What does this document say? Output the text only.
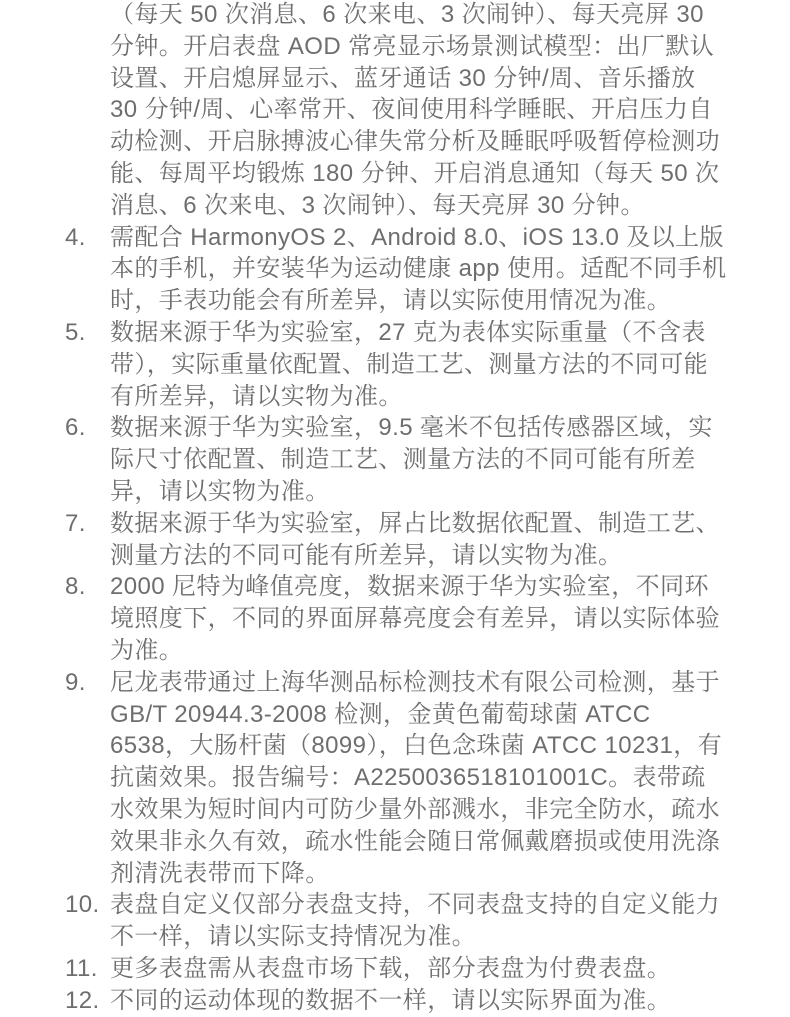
（每天 50 次消息、6 次来电、3 次闹钟）、每天亮屏 30
分钟。开启表盘 AOD 常亮显示场景测试模型：出厂默认
设置、开启熄屏显示、蓝牙通话 30 分钟/周、音乐播放
30 分钟/周、心率常开、夜间使用科学睡眠、开启压力自
动检测、开启脉搏波心律失常分析及睡眠呼吸暂停检测功
能、每周平均锻炼 180 分钟、开启消息通知（每天 50 次
消息、6 次来电、3 次闹钟）、每天亮屏 30 分钟。
4.	需配合 HarmonyOS 2、Android 8.0、iOS 13.0 及以上版
本的手机，并安装华为运动健康 app 使用。适配不同手机
时，手表功能会有所差异，请以实际使用情况为准。
5.	数据来源于华为实验室，27 克为表体实际重量（不含表
带），实际重量依配置、制造工艺、测量方法的不同可能
有所差异，请以实物为准。
6.	数据来源于华为实验室，9.5 毫米不包括传感器区域，实
际尺寸依配置、制造工艺、测量方法的不同可能有所差
异，请以实物为准。
7.	数据来源于华为实验室，屏占比数据依配置、制造工艺、
测量方法的不同可能有所差异，请以实物为准。
8.	2000 尼特为峰值亮度，数据来源于华为实验室，不同环
境照度下，不同的界面屏幕亮度会有差异，请以实际体验
为准。
9.	尼龙表带通过上海华测品标检测技术有限公司检测，基于
GB/T 20944.3-2008 检测，金黄色葡萄球菌 ATCC
6538，大肠杆菌（8099），白色念珠菌 ATCC 10231，有
抗菌效果。报告编号：A2250036518101001C。表带疏
水效果为短时间内可防少量外部溅水，非完全防水，疏水
效果非永久有效，疏水性能会随日常佩戴磨损或使用洗涤
剂清洗表带而下降。
10. 表盘自定义仅部分表盘支持，不同表盘支持的自定义能力
不一样，请以实际支持情况为准。
11. 更多表盘需从表盘市场下载，部分表盘为付费表盘。
12. 不同的运动体现的数据不一样，请以实际界面为准。
